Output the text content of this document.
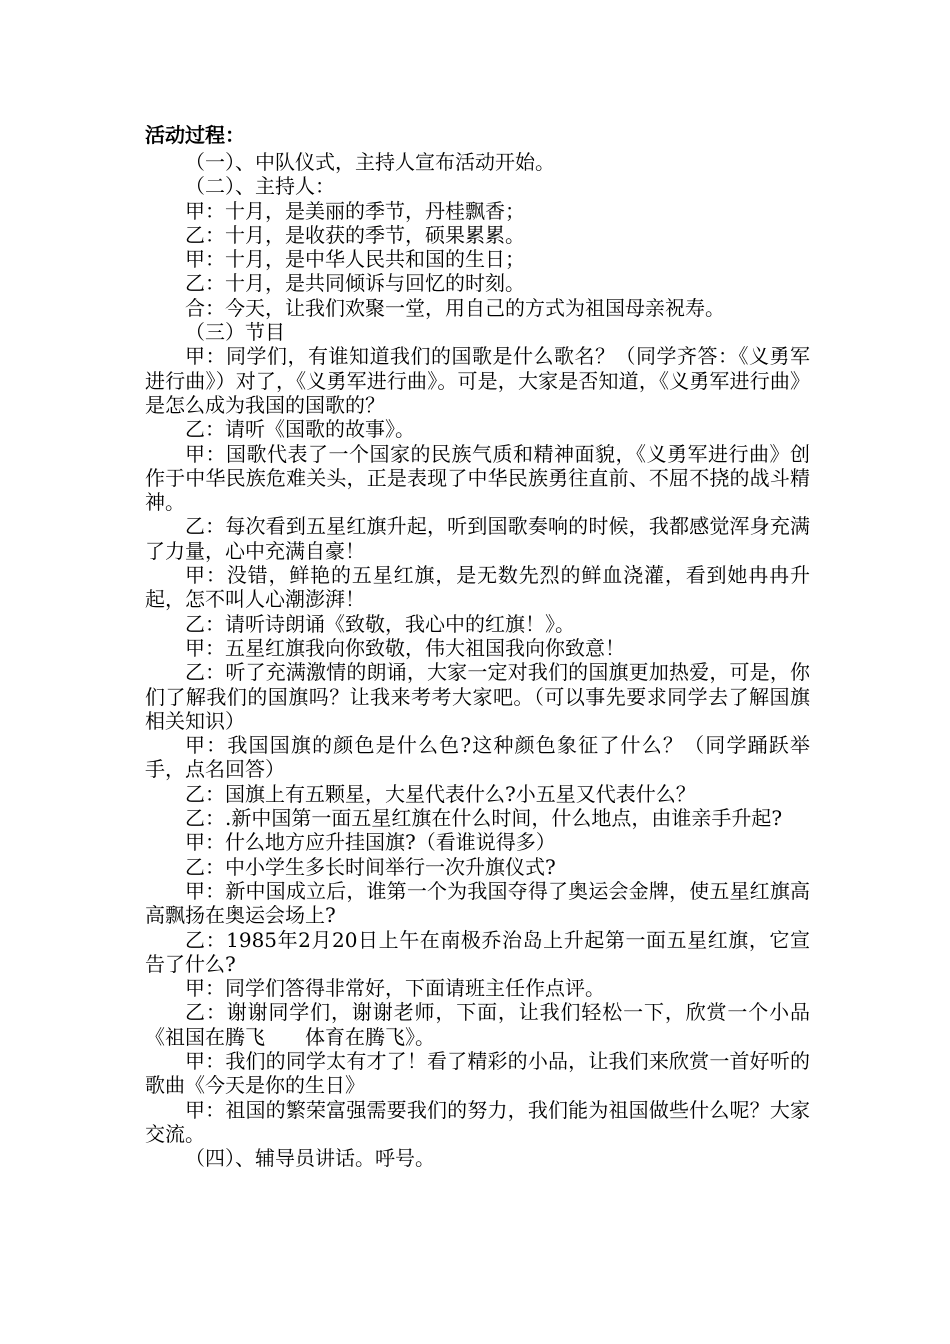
活动过程：

（一）、中队仪式，主持人宣布活动开始。

（二）、主持人：

甲：十月，是美丽的季节，丹桂飘香；

乙：十月，是收获的季节，硕果累累。

甲：十月，是中华人民共和国的生日；

乙：十月，是共同倾诉与回忆的时刻。

合：今天，让我们欢聚一堂，用自己的方式为祖国母亲祝寿。

（三）节目

甲：同学们，有谁知道我们的国歌是什么歌名？（同学齐答：《义勇军进行曲》）对了，《义勇军进行曲》。可是，大家是否知道，《义勇军进行曲》是怎么成为我国的国歌的？

乙：请听《国歌的故事》。

甲：国歌代表了一个国家的民族气质和精神面貌，《义勇军进行曲》创作于中华民族危难关头，正是表现了中华民族勇往直前、不屈不挠的战斗精神。

乙：每次看到五星红旗升起，听到国歌奏响的时候，我都感觉浑身充满了力量，心中充满自豪！

甲：没错，鲜艳的五星红旗，是无数先烈的鲜血浇灌，看到她冉冉升起，怎不叫人心潮澎湃！

乙：请听诗朗诵《致敬，我心中的红旗！》。

甲：五星红旗我向你致敬，伟大祖国我向你致意！

乙：听了充满激情的朗诵，大家一定对我们的国旗更加热爱，可是，你们了解我们的国旗吗？让我来考考大家吧。（可以事先要求同学去了解国旗相关知识）

甲：我国国旗的颜色是什么色?这种颜色象征了什么？（同学踊跃举手，点名回答）

乙：国旗上有五颗星，大星代表什么?小五星又代表什么？

乙：.新中国第一面五星红旗在什么时间，什么地点，由谁亲手升起?

甲：什么地方应升挂国旗?（看谁说得多）

乙：中小学生多长时间举行一次升旗仪式?

甲：新中国成立后，谁第一个为我国夺得了奥运会金牌，使五星红旗高高飘扬在奥运会场上?

乙：1985年2月20日上午在南极乔治岛上升起第一面五星红旗，它宣告了什么?

甲：同学们答得非常好，下面请班主任作点评。

乙：谢谢同学们，谢谢老师，下面，让我们轻松一下，欣赏一个小品《祖国在腾飞　　体育在腾飞》。

甲：我们的同学太有才了！看了精彩的小品，让我们来欣赏一首好听的歌曲《今天是你的生日》

甲：祖国的繁荣富强需要我们的努力，我们能为祖国做些什么呢？大家交流。

（四）、辅导员讲话。呼号。
